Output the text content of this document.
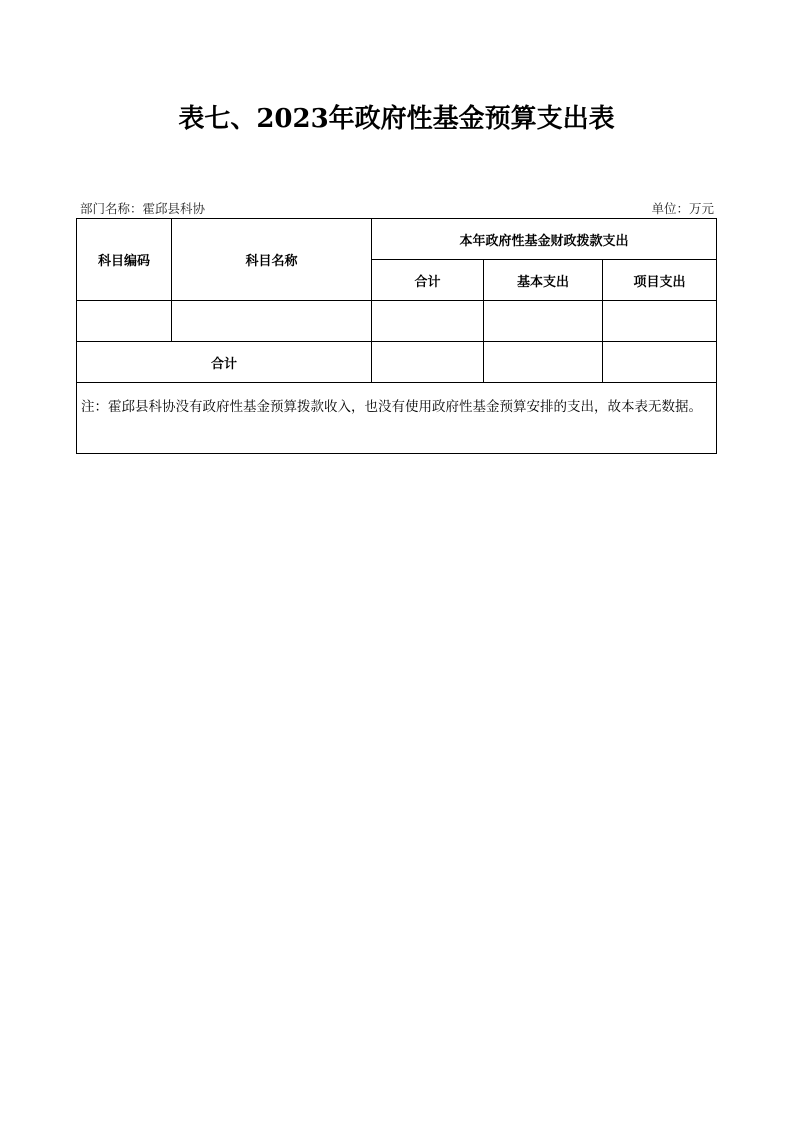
表七、2023年政府性基金预算支出表
部门名称：霍邱县科协	单位：万元
科目编码	科目名称	本年政府性基金财政拨款支出		
		合计	基本支出	项目支出

合计				
注：霍邱县科协没有政府性基金预算拨款收入，也没有使用政府性基金预算安排的支出，故本表无数据。				
